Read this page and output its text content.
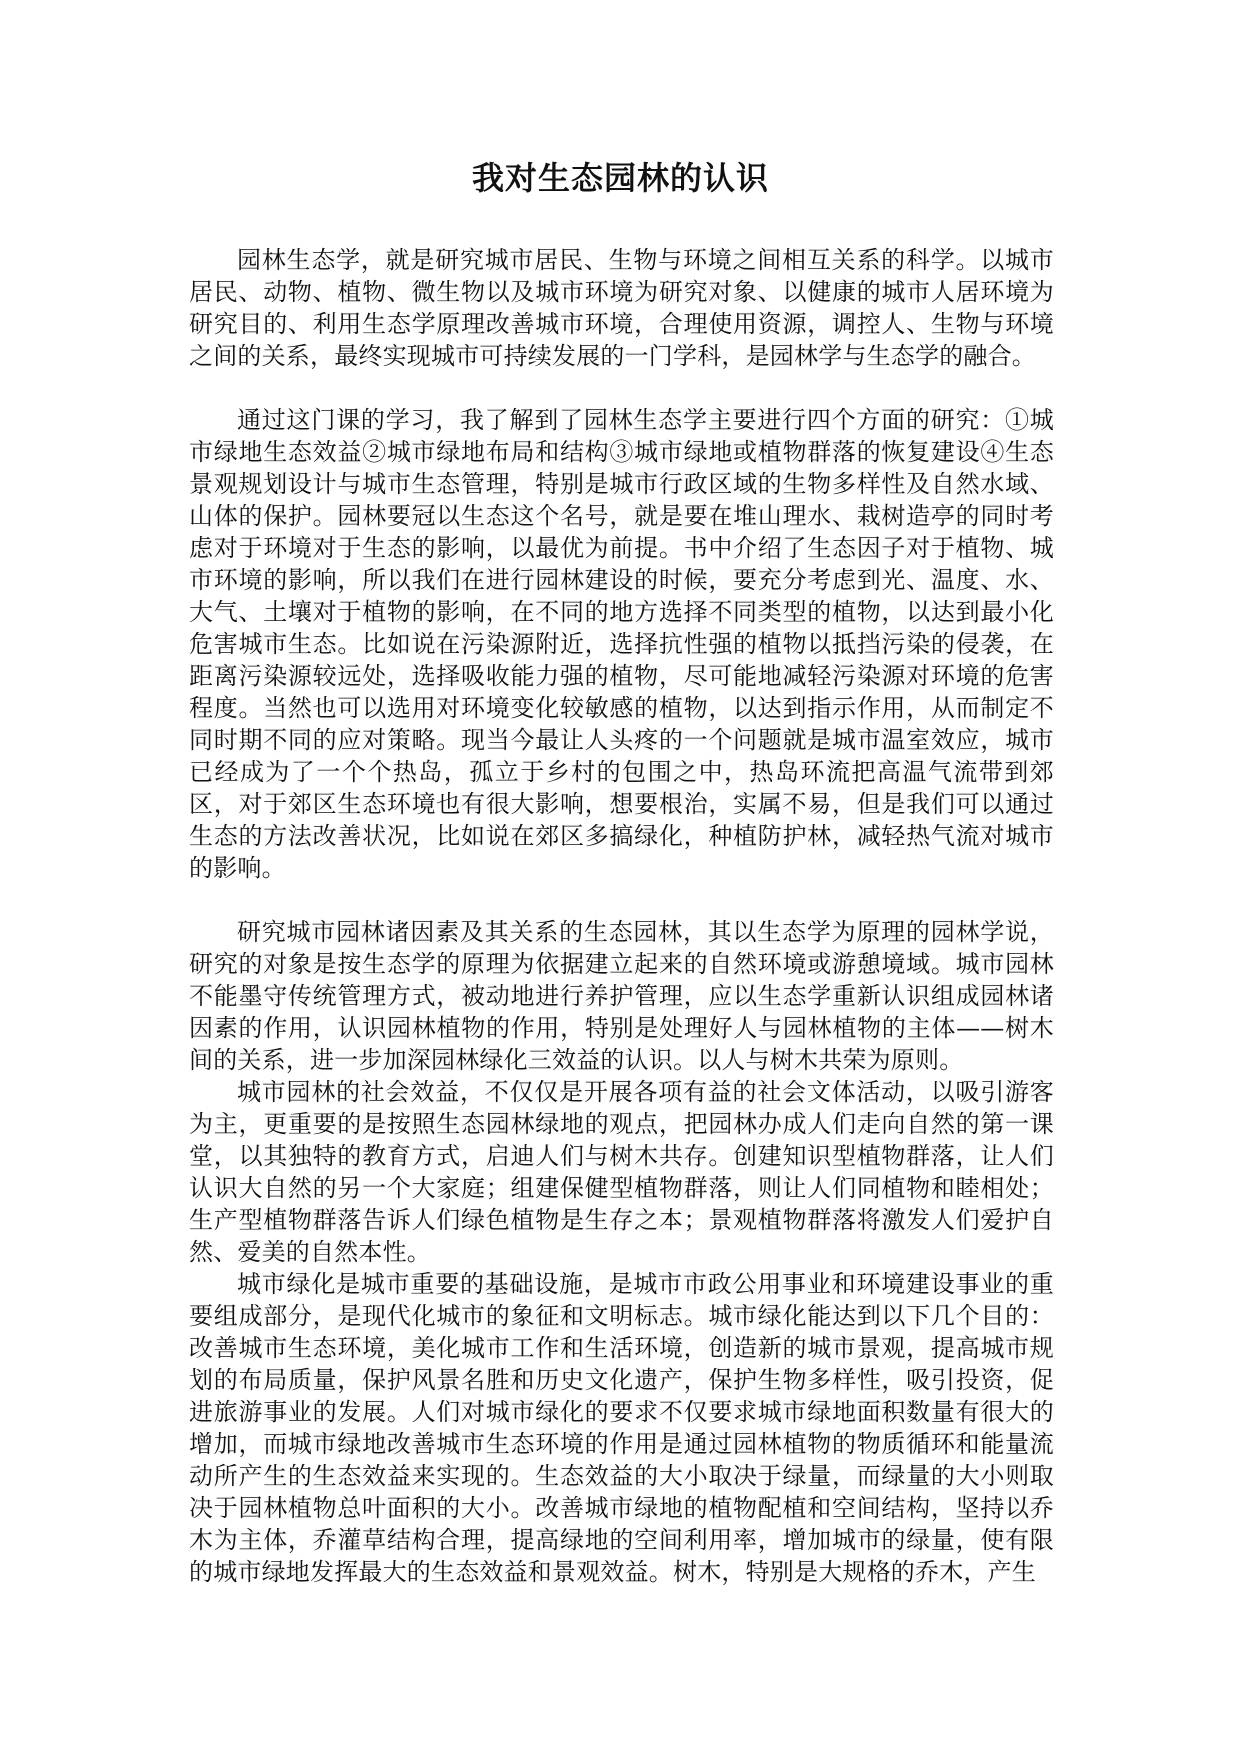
我对生态园林的认识

园林生态学，就是研究城市居民、生物与环境之间相互关系的科学。以城市居民、动物、植物、微生物以及城市环境为研究对象、以健康的城市人居环境为研究目的、利用生态学原理改善城市环境，合理使用资源，调控人、生物与环境之间的关系，最终实现城市可持续发展的一门学科，是园林学与生态学的融合。

通过这门课的学习，我了解到了园林生态学主要进行四个方面的研究：①城市绿地生态效益②城市绿地布局和结构③城市绿地或植物群落的恢复建设④生态景观规划设计与城市生态管理，特别是城市行政区域的生物多样性及自然水域、山体的保护。园林要冠以生态这个名号，就是要在堆山理水、栽树造亭的同时考虑对于环境对于生态的影响，以最优为前提。书中介绍了生态因子对于植物、城市环境的影响，所以我们在进行园林建设的时候，要充分考虑到光、温度、水、大气、土壤对于植物的影响，在不同的地方选择不同类型的植物，以达到最小化危害城市生态。比如说在污染源附近，选择抗性强的植物以抵挡污染的侵袭，在距离污染源较远处，选择吸收能力强的植物，尽可能地减轻污染源对环境的危害程度。当然也可以选用对环境变化较敏感的植物，以达到指示作用，从而制定不同时期不同的应对策略。现当今最让人头疼的一个问题就是城市温室效应，城市已经成为了一个个热岛，孤立于乡村的包围之中，热岛环流把高温气流带到郊区，对于郊区生态环境也有很大影响，想要根治，实属不易，但是我们可以通过生态的方法改善状况，比如说在郊区多搞绿化，种植防护林，减轻热气流对城市的影响。

研究城市园林诸因素及其关系的生态园林，其以生态学为原理的园林学说，研究的对象是按生态学的原理为依据建立起来的自然环境或游憩境域。城市园林不能墨守传统管理方式，被动地进行养护管理，应以生态学重新认识组成园林诸因素的作用，认识园林植物的作用，特别是处理好人与园林植物的主体——树木间的关系，进一步加深园林绿化三效益的认识。以人与树木共荣为原则。

城市园林的社会效益，不仅仅是开展各项有益的社会文体活动，以吸引游客为主，更重要的是按照生态园林绿地的观点，把园林办成人们走向自然的第一课堂，以其独特的教育方式，启迪人们与树木共存。创建知识型植物群落，让人们认识大自然的另一个大家庭；组建保健型植物群落，则让人们同植物和睦相处；生产型植物群落告诉人们绿色植物是生存之本；景观植物群落将激发人们爱护自然、爱美的自然本性。

城市绿化是城市重要的基础设施，是城市市政公用事业和环境建设事业的重要组成部分，是现代化城市的象征和文明标志。城市绿化能达到以下几个目的：改善城市生态环境，美化城市工作和生活环境，创造新的城市景观，提高城市规划的布局质量，保护风景名胜和历史文化遗产，保护生物多样性，吸引投资，促进旅游事业的发展。人们对城市绿化的要求不仅要求城市绿地面积数量有很大的增加，而城市绿地改善城市生态环境的作用是通过园林植物的物质循环和能量流动所产生的生态效益来实现的。生态效益的大小取决于绿量，而绿量的大小则取决于园林植物总叶面积的大小。改善城市绿地的植物配植和空间结构，坚持以乔木为主体，乔灌草结构合理，提高绿地的空间利用率，增加城市的绿量，使有限的城市绿地发挥最大的生态效益和景观效益。树木，特别是大规格的乔木，产生
